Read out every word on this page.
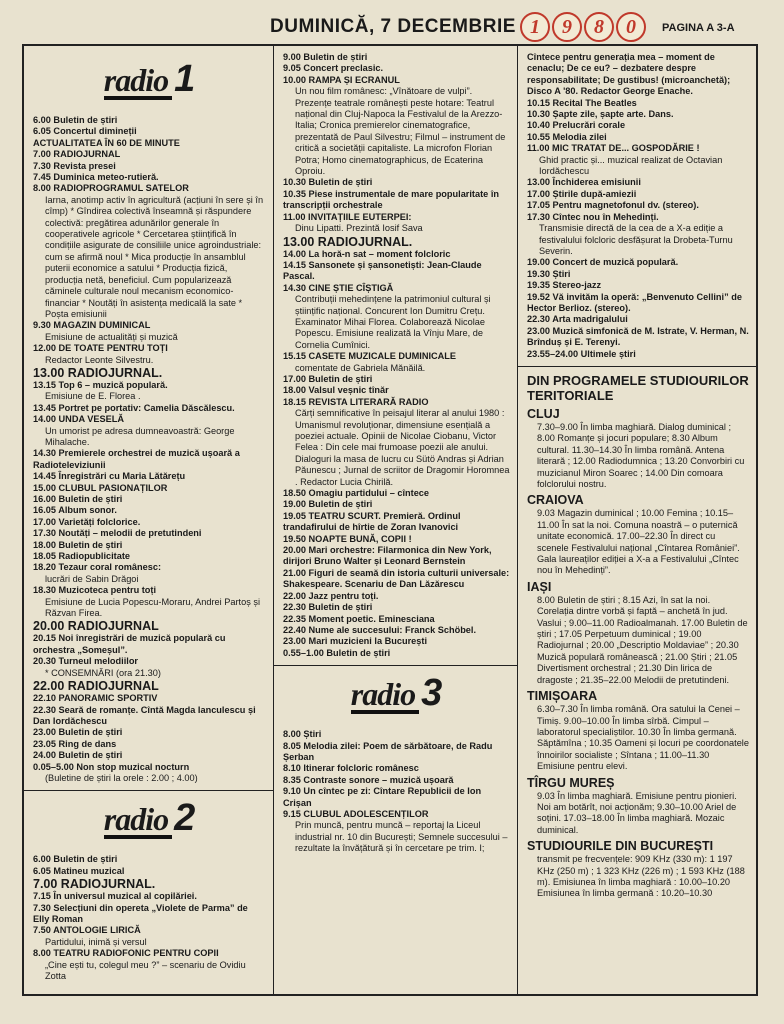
DUMINICĂ, 7 DECEMBRIE 1	9	8	0	PAGINA A 3-A
radio 1
6.00 Buletin de știri
6.05 Concertul dimineții
ACTUALITATEA ÎN 60 DE MINUTE
7.00 RADIOJURNAL
7.30 Revista presei
7.45 Duminica meteo-rutieră.
8.00 RADIOPROGRAMUL SATELOR
Iarna, anotimp activ în agricultură (acțiuni în sere și în cîmp) * Gîndirea colectivă înseamnă și răspundere colectivă: pregătirea adunărilor generale în cooperativele agricole * Cercetarea științifică în condițiile asigurate de consiliile unice agroindustriale: cum se afirmă noul * Mica producție în ansamblul puterii economice a satului * Producția fizică, producția netă, beneficiul. Cum popularizează căminele culturale noul mecanism economico-financiar * Noutăți în asistența medicală la sate * Poșta emisiunii
9.30 MAGAZIN DUMINICAL
Emisiune de actualități și muzică
12.00 DE TOATE PENTRU TOȚI
Redactor Leonte Silvestru.
13.00 RADIOJURNAL.
13.15 Top 6 – muzică populară.
Emisiune de E. Florea .
13.45 Portret pe portativ: Camelia Dăscălescu.
14.00 UNDA VESELĂ
Un umorist pe adresa dumneavoastră: George Mihalache.
14.30 Premierele orchestrei de muzică ușoară a Radioteleviziunii
14.45 Înregistrări cu Maria Lătărețu
15.00 CLUBUL PASIONAȚILOR
16.00 Buletin de știri
16.05 Album sonor.
17.00 Varietăți folclorice.
17.30 Noutăți – melodii de pretutindeni
18.00 Buletin de știri
18.05 Radiopublicitate
18.20 Tezaur coral românesc:
lucrări de Sabin Drăgoi
18.30 Muzicoteca pentru toți
Emisiune de Lucia Popescu-Moraru, Andrei Partoș și Răzvan Firea.
20.00 RADIOJURNAL
20.15 Noi înregistrări de muzică populară cu orchestra „Someșul”.
20.30 Turneul melodiilor
* CONSEMNĂRI (ora 21.30)
22.00 RADIOJURNAL
22.10 PANORAMIC SPORTIV
22.30 Seară de romanțe. Cîntă Magda Ianculescu și Dan Iordăchescu
23.00 Buletin de știri
23.05 Ring de dans
24.00 Buletin de știri
0.05–5.00 Non stop muzical nocturn
(Buletine de știri la orele : 2.00 ; 4.00)
radio 2
6.00 Buletin de știri
6.05 Matineu muzical
7.00 RADIOJURNAL.
7.15 În universul muzical al copilăriei.
7.30 Selecțiuni din opereta „Violete de Parma” de Elly Roman
7.50 ANTOLOGIE LIRICĂ
Partidului, inimă și versul
8.00 TEATRU RADIOFONIC PENTRU COPII
„Cine ești tu, colegul meu ?” – scenariu de Ovidiu Zotta
9.00 Buletin de știri
9.05 Concert preclasic.
10.00 RAMPA ȘI ECRANUL
Un nou film românesc: „Vînătoare de vulpi”. Prezențe teatrale românești peste hotare: Teatrul național din Cluj-Napoca la Festivalul de la Arezzo-Italia; Cronica premierelor cinematografice, prezentată de Paul Silvestru; Filmul – instrument de critică a societății capitaliste. La microfon Florian Potra; Homo cinematographicus, de Ecaterina Oproiu.
10.30 Buletin de știri
10.35 Piese instrumentale de mare popularitate în transcripții orchestrale
11.00 INVITAȚIILE EUTERPEI:
Dinu Lipatti. Prezintă Iosif Sava
13.00 RADIOJURNAL.
14.00 La horă-n sat – moment folcloric
14.15 Sansonete și șansonetiști: Jean-Claude Pascal.
14.30 CINE ȘTIE CÎȘTIGĂ
Contribuții mehedințene la patrimoniul cultural și științific național. Concurent Ion Dumitru Crețu. Examinator Mihai Florea. Colaborează Nicolae Popescu. Emisiune realizată la Vînju Mare, de Cornelia Cumînici.
15.15 CASETE MUZICALE DUMINICALE
comentate de Gabriela Mănăilă.
17.00 Buletin de știri
18.00 Valsul veșnic tînăr
18.15 REVISTA LITERARĂ RADIO
Cărți semnificative în peisajul literar al anului 1980 : Umanismul revoluționar, dimensiune esențială a poeziei actuale. Opinii de Nicolae Ciobanu, Victor Felea : Din cele mai frumoase poezii ale anului. Dialoguri la masa de lucru cu Sütö Andras și Adrian Păunescu ; Jurnal de scriitor de Dragomir Horomnea . Redactor Lucia Chirilă.
18.50 Omagiu partidului – cîntece
19.00 Buletin de știri
19.05 TEATRU SCURT. Premieră. Ordinul trandafirului de hîrtie de Zoran Ivanovici
19.50 NOAPTE BUNĂ, COPII !
20.00 Mari orchestre: Filarmonica din New York, dirijori Bruno Walter și Leonard Bernstein
21.00 Figuri de seamă din istoria culturii universale: Shakespeare. Scenariu de Dan Lăzărescu
22.00 Jazz pentru toți.
22.30 Buletin de știri
22.35 Moment poetic. Eminesciana
22.40 Nume ale succesului: Franck Schöbel.
23.00 Mari muzicieni la București
0.55–1.00 Buletin de știri
radio 3
8.00 Știri
8.05 Melodia zilei: Poem de sărbătoare, de Radu Șerban
8.10 Itinerar folcloric românesc
8.35 Contraste sonore – muzică ușoară
9.10 Un cîntec pe zi: Cîntare Republicii de Ion Crișan
9.15 CLUBUL ADOLESCENȚILOR
Prin muncă, pentru muncă – reportaj la Liceul industrial nr. 10 din București; Semnele succesului – rezultate la învățătură și în cercetare pe trim. I;
Cîntece pentru generația mea – moment de cenaclu; De ce eu? – dezbatere despre responsabilitate; De gustibus! (microanchetă); Disco A '80. Redactor George Enache.
10.15 Recital The Beatles
10.30 Șapte zile, șapte arte. Dans.
10.40 Prelucrări corale
10.55 Melodia zilei
11.00 MIC TRATAT DE... GOSPODĂRIE !
Ghid practic și... muzical realizat de Octavian Iordăchescu
13.00 Închiderea emisiunii
17.00 Știrile după-amiezii
17.05 Pentru magnetofonul dv. (stereo).
17.30 Cîntec nou în Mehedinți.
Transmisie directă de la cea de a X-a ediție a festivalului folcloric desfășurat la Drobeta-Turnu Severin.
19.00 Concert de muzică populară.
19.30 Știri
19.35 Stereo-jazz
19.52 Vă invităm la operă: „Benvenuto Cellini” de Hector Berlioz. (stereo).
22.30 Arta madrigalului
23.00 Muzică simfonică de M. Istrate, V. Herman, N. Brînduș și E. Terenyi.
23.55–24.00 Ultimele știri
DIN PROGRAMELE STUDIOURILOR TERITORIALE
CLUJ
7.30–9.00 În limba maghiară. Dialog duminical ; 8.00 Romanțe și jocuri populare; 8.30 Album cultural. 11.30–14.30 În limba română. Antena literară ; 12.00 Radiodumnica ; 13.20 Convorbiri cu muzicianul Miron Soarec ; 14.00 Din comoara folclorului nostru.
CRAIOVA
9.03 Magazin duminical ; 10.00 Femina ; 10.15–11.00 În sat la noi. Comuna noastră – o puternică unitate economică. 17.00–22.30 În direct cu scenele Festivalului național „Cîntarea României”. Gala laureaților ediției a X-a a Festivalului „Cîntec nou în Mehedinți”.
IAȘI
8.00 Buletin de știri ; 8.15 Azi, în sat la noi. Corelația dintre vorbă și faptă – anchetă în jud. Vaslui ; 9.00–11.00 Radioalmanah. 17.00 Buletin de știri ; 17.05 Perpetuum duminical ; 19.00 Radiojurnal ; 20.00 „Descriptio Moldaviae” ; 20.30 Muzică populară românească ; 21.00 Știri ; 21.05 Divertisment orchestral ; 21.30 Din lirica de dragoste ; 21.35–22.00 Melodii de pretutindeni.
TIMIȘOARA
6.30–7.30 În limba română. Ora satului la Cenei – Timiș. 9.00–10.00 În limba sîrbă. Cimpul – laboratorul specialiștilor. 10.30 În limba germană. Săptămîna ; 10.35 Oameni și locuri pe coordonatele înnoirilor socialiste ; Sîntana ; 11.00–11.30 Emisiune pentru elevi.
TÎRGU MUREȘ
9.03 În limba maghiară. Emisiune pentru pionieri. Noi am botărît, noi acționăm; 9.30–10.00 Ariel de soțini. 17.03–18.00 În limba maghiară. Mozaic duminical.
STUDIOURILE DIN BUCUREȘTI
transmit pe frecvențele: 909 KHz (330 m): 1 197 KHz (250 m) ; 1 323 KHz (226 m) ; 1 593 KHz (188 m). Emisiunea în limba maghiară : 10.00–10.20 Emisiunea în limba germană : 10.20–10.30
